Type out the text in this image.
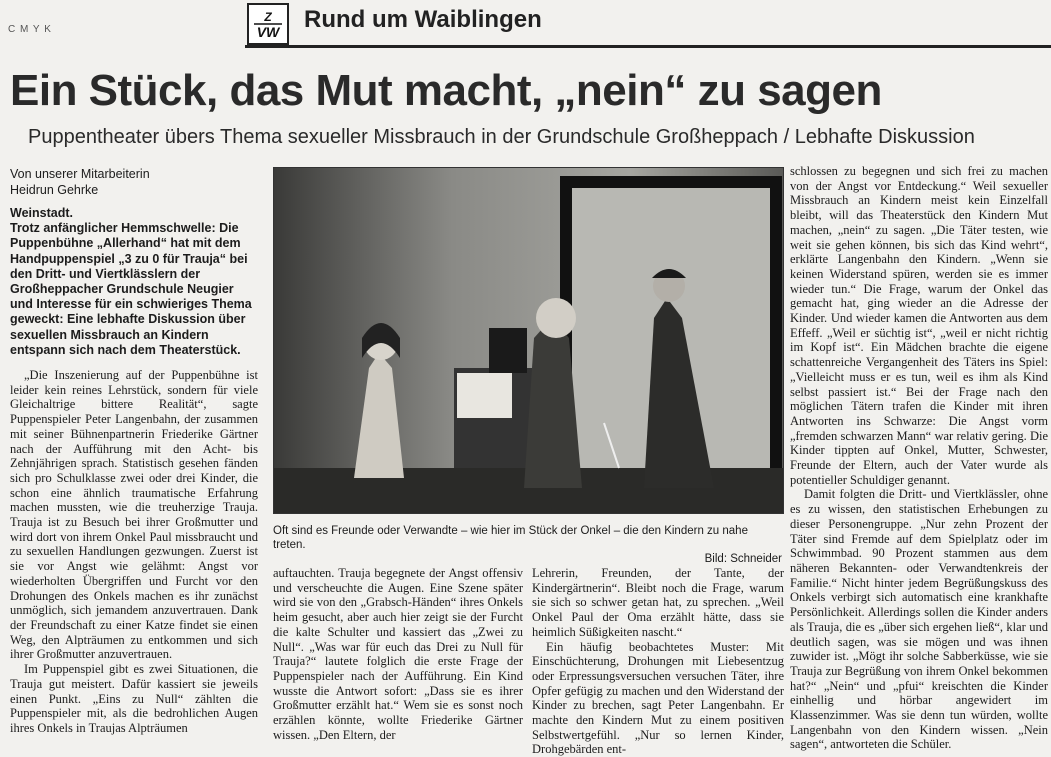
C M Y K
Z
VW Rund um Waiblingen
Ein Stück, das Mut macht, „nein“ zu sagen
Puppentheater übers Thema sexueller Missbrauch in der Grundschule Großheppach / Lebhafte Diskussion
Von unserer Mitarbeiterin
Heidrun Gehrke
Weinstadt.
Trotz anfänglicher Hemmschwelle: Die Puppenbühne „Allerhand“ hat mit dem Handpuppenspiel „3 zu 0 für Trauja“ bei den Dritt- und Viertklässlern der Großheppacher Grundschule Neugier und Interesse für ein schwieriges Thema geweckt: Eine lebhafte Diskussion über sexuellen Missbrauch an Kindern entspann sich nach dem Theaterstück.

„Die Inszenierung auf der Puppenbühne ist leider kein reines Lehrstück, sondern für viele Gleichaltrige bittere Realität“, sagte Puppenspieler Peter Langenbahn, der zusammen mit seiner Bühnenpartnerin Friederike Gärtner nach der Aufführung mit den Acht- bis Zehnjährigen sprach. Statistisch gesehen fänden sich pro Schulklasse zwei oder drei Kinder, die schon eine ähnlich traumatische Erfahrung machen mussten, wie die treuherzige Trauja. Trauja ist zu Besuch bei ihrer Großmutter und wird dort von ihrem Onkel Paul missbraucht und zu sexuellen Handlungen gezwungen. Zuerst ist sie vor Angst wie gelähmt: Angst vor wiederholten Übergriffen und Furcht vor den Drohungen des Onkels machen es ihr zunächst unmöglich, sich jemandem anzuvertrauen. Dank der Freundschaft zu einer Katze findet sie einen Weg, den Alpträumen zu entkommen und sich ihrer Großmutter anzuvertrauen.

Im Puppenspiel gibt es zwei Situationen, die Trauja gut meistert. Dafür kassiert sie jeweils einen Punkt. „Eins zu Null“ zählten die Puppenspieler mit, als die bedrohlichen Augen ihres Onkels in Traujas Alpträumen

Oft sind es Freunde oder Verwandte – wie hier im Stück der Onkel – die den Kindern zu nahe treten.
Bild: Schneider

auftauchten. Trauja begegnete der Angst offensiv und verscheuchte die Augen. Eine Szene später wird sie von den „Grabsch-Händen“ ihres Onkels heim gesucht, aber auch hier zeigt sie der Furcht die kalte Schulter und kassiert das „Zwei zu Null“. „Was war für euch das Drei zu Null für Trauja?“ lautete folglich die erste Frage der Puppenspieler nach der Aufführung. Ein Kind wusste die Antwort sofort: „Dass sie es ihrer Großmutter erzählt hat.“ Wem sie es sonst noch erzählen könnte, wollte Friederike Gärtner wissen. „Den Eltern, der

Lehrerin, Freunden, der Tante, der Kindergärtnerin“. Bleibt noch die Frage, warum sie sich so schwer getan hat, zu sprechen. „Weil Onkel Paul der Oma erzählt hätte, dass sie heimlich Süßigkeiten nascht.“

Ein häufig beobachtetes Muster: Mit Einschüchterung, Drohungen mit Liebesentzug oder Erpressungsversuchen versuchen Täter, ihre Opfer gefügig zu machen und den Widerstand der Kinder zu brechen, sagt Peter Langenbahn. Er machte den Kindern Mut zu einem positiven Selbstwertgefühl. „Nur so lernen Kinder, Drohgebärden ent-

schlossen zu begegnen und sich frei zu machen von der Angst vor Entdeckung.“ Weil sexueller Missbrauch an Kindern meist kein Einzelfall bleibt, will das Theaterstück den Kindern Mut machen, „nein“ zu sagen. „Die Täter testen, wie weit sie gehen können, bis sich das Kind wehrt“, erklärte Langenbahn den Kindern. „Wenn sie keinen Widerstand spüren, werden sie es immer wieder tun.“ Die Frage, warum der Onkel das gemacht hat, ging wieder an die Adresse der Kinder. Und wieder kamen die Antworten aus dem Effeff. „Weil er süchtig ist“, „weil er nicht richtig im Kopf ist“. Ein Mädchen brachte die eigene schattenreiche Vergangenheit des Täters ins Spiel: „Vielleicht muss er es tun, weil es ihm als Kind selbst passiert ist.“ Bei der Frage nach den möglichen Tätern trafen die Kinder mit ihren Antworten ins Schwarze: Die Angst vorm „fremden schwarzen Mann“ war relativ gering. Die Kinder tippten auf Onkel, Mutter, Schwester, Freunde der Eltern, auch der Vater wurde als potentieller Schuldiger genannt.

Damit folgten die Dritt- und Viertklässler, ohne es zu wissen, den statistischen Erhebungen zu dieser Personengruppe. „Nur zehn Prozent der Täter sind Fremde auf dem Spielplatz oder im Schwimmbad. 90 Prozent stammen aus dem näheren Bekannten- oder Verwandtenkreis der Familie.“ Nicht hinter jedem Begrüßungskuss des Onkels verbirgt sich automatisch eine krankhafte Persönlichkeit. Allerdings sollen die Kinder anders als Trauja, die es „über sich ergehen ließ“, klar und deutlich sagen, was sie mögen und was ihnen zuwider ist. „Mögt ihr solche Sabberküsse, wie sie Trauja zur Begrüßung von ihrem Onkel bekommen hat?“ „Nein“ und „pfui“ kreischten die Kinder einhellig und hörbar angewidert im Klassenzimmer. Was sie denn tun würden, wollte Langenbahn von den Kindern wissen. „Nein sagen“, antworteten die Schüler.
